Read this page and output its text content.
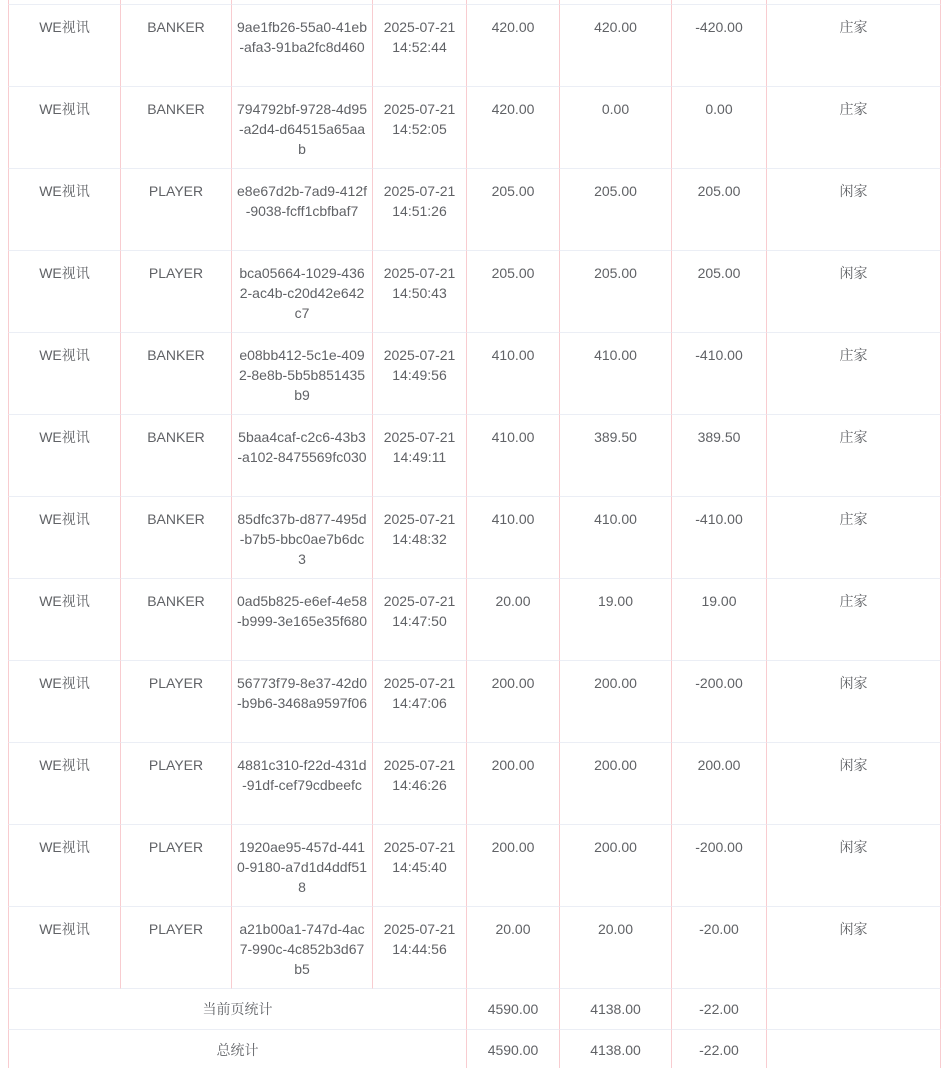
WE视讯	BANKER	9ae1fb26-55a0-41eb-afa3-91ba2fc8d460	2025-07-21 14:52:44	420.00	420.00	-420.00	庄家
WE视讯	BANKER	794792bf-9728-4d95-a2d4-d64515a65aab	2025-07-21 14:52:05	420.00	0.00	0.00	庄家
WE视讯	PLAYER	e8e67d2b-7ad9-412f-9038-fcff1cbfbaf7	2025-07-21 14:51:26	205.00	205.00	205.00	闲家
WE视讯	PLAYER	bca05664-1029-4362-ac4b-c20d42e642c7	2025-07-21 14:50:43	205.00	205.00	205.00	闲家
WE视讯	BANKER	e08bb412-5c1e-4092-8e8b-5b5b851435b9	2025-07-21 14:49:56	410.00	410.00	-410.00	庄家
WE视讯	BANKER	5baa4caf-c2c6-43b3-a102-8475569fc030	2025-07-21 14:49:11	410.00	389.50	389.50	庄家
WE视讯	BANKER	85dfc37b-d877-495d-b7b5-bbc0ae7b6dc3	2025-07-21 14:48:32	410.00	410.00	-410.00	庄家
WE视讯	BANKER	0ad5b825-e6ef-4e58-b999-3e165e35f680	2025-07-21 14:47:50	20.00	19.00	19.00	庄家
WE视讯	PLAYER	56773f79-8e37-42d0-b9b6-3468a9597f06	2025-07-21 14:47:06	200.00	200.00	-200.00	闲家
WE视讯	PLAYER	4881c310-f22d-431d-91df-cef79cdbeefc	2025-07-21 14:46:26	200.00	200.00	200.00	闲家
WE视讯	PLAYER	1920ae95-457d-4410-9180-a7d1d4ddf518	2025-07-21 14:45:40	200.00	200.00	-200.00	闲家
WE视讯	PLAYER	a21b00a1-747d-4ac7-990c-4c852b3d67b5	2025-07-21 14:44:56	20.00	20.00	-20.00	闲家
当前页统计				4590.00	4138.00	-22.00	
总统计				4590.00	4138.00	-22.00	
